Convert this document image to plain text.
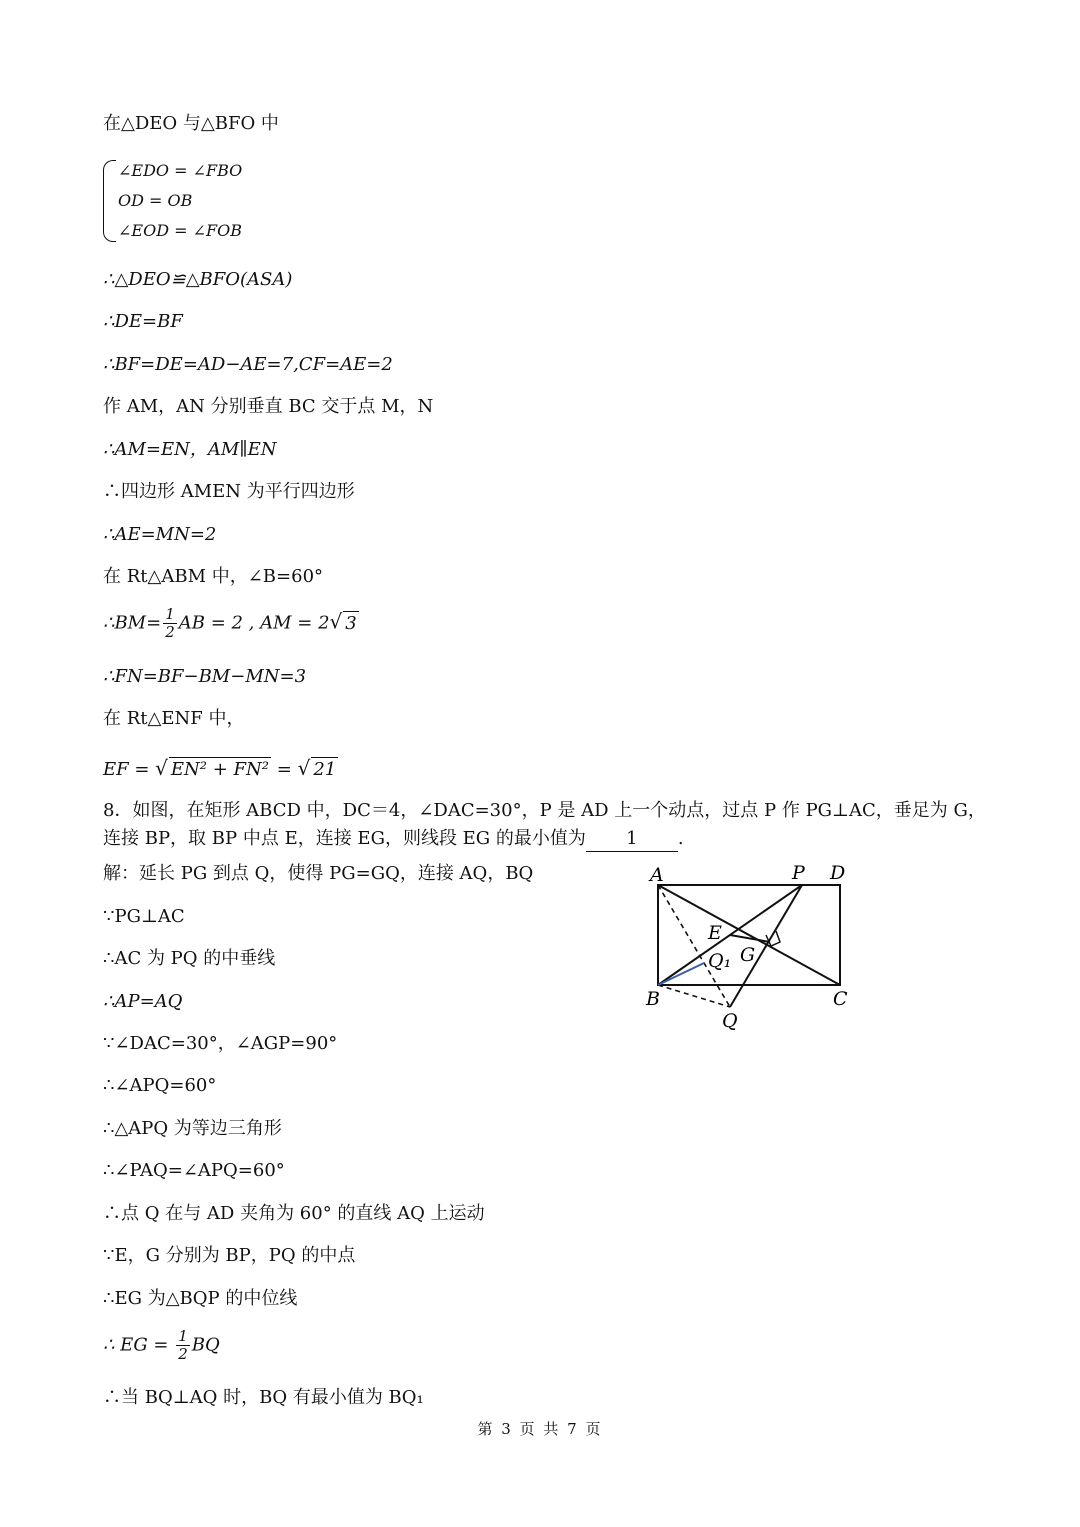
在△DEO 与△BFO 中
∠EDO = ∠FBO
OD = OB
∠EOD = ∠FOB
∴△DEO≌△BFO(ASA)
∴DE=BF
∴BF=DE=AD−AE=7,CF=AE=2
作 AM，AN 分别垂直 BC 交于点 M，N
∴AM=EN，AM∥EN
∴四边形 AMEN 为平行四边形
∴AE=MN=2
在 Rt△ABM 中，∠B=60°
∴BM= $\frac{1}{2}$ AB = 2 , AM = 2√ 3
∴FN=BF−BM−MN=3
在 Rt△ENF 中，
EF = √ EN² + FN² = √ 21
8．如图，在矩形 ABCD 中，DC＝4，∠DAC=30°，P 是 AD 上一个动点，过点 P 作 PG⊥AC，垂足为 G，
连接 BP，取 BP 中点 E，连接 EG，则线段 EG 的最小值为 1 .
解：延长 PG 到点 Q，使得 PG=GQ，连接 AQ，BQ
∵PG⊥AC
∴AC 为 PQ 的中垂线
∴AP=AQ
∵∠DAC=30°，∠AGP=90°
∴∠APQ=60°
∴△APQ 为等边三角形
∴∠PAQ=∠APQ=60°
∴点 Q 在与 AD 夹角为 60° 的直线 AQ 上运动
∵E，G 分别为 BP，PQ 的中点
∴EG 为△BQP 的中位线
∴ EG = $\frac{1}{2}$ BQ
∴当 BQ⊥AQ 时，BQ 有最小值为 BQ₁
A	P D
E
G
Q₁
B	C
Q
第 3 页 共 7 页
